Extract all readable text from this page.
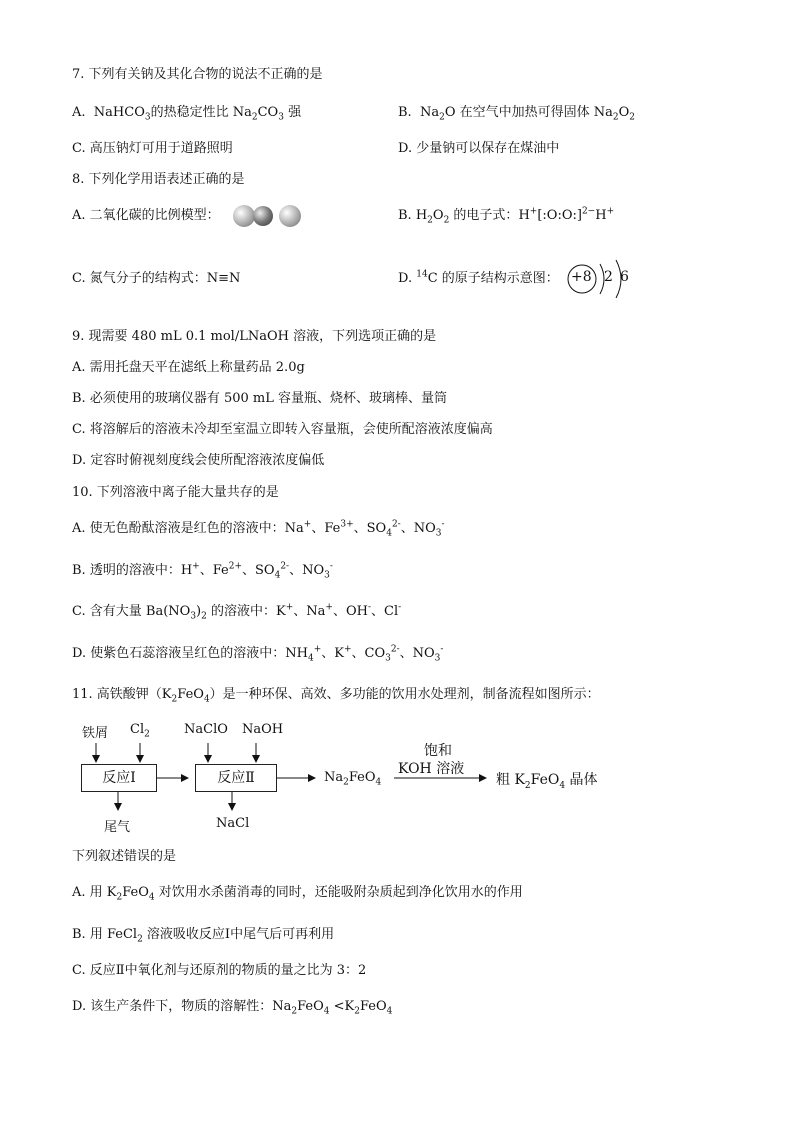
7. 下列有关钠及其化合物的说法不正确的是
A. NaHCO$_3$的热稳定性比 $Na_2CO_3$ 强	B. $Na_2O$ 在空气中加热可得固体 $Na_2O_2$
C. 高压钠灯可用于道路照明	D. 少量钠可以保存在煤油中
8. 下列化学用语表述正确的是
A. 二氧化碳的比例模型：	B. $H_2O_2$ 的电子式：H+[:O:O:]$^{2-}$H+
C. 氮气分子的结构式：N≡N	D. $^{14}$C 的原子结构示意图： +8 2 6
9. 现需要 480 mL 0.1 mol/LNaOH 溶液，下列选项正确的是
A. 需用托盘天平在滤纸上称量药品 2.0g
B. 必须使用的玻璃仪器有 500 mL 容量瓶、烧杯、玻璃棒、量筒
C. 将溶解后的溶液未冷却至室温立即转入容量瓶，会使所配溶液浓度偏高
D. 定容时俯视刻度线会使所配溶液浓度偏低
10. 下列溶液中离子能大量共存的是
A. 使无色酚酞溶液是红色的溶液中：Na+、$Fe^{3+}$、$SO_4^{2-}$、$NO_3^-$
B. 透明的溶液中：H+、$Fe^{2+}$、$SO_4^{2-}$、$NO_3^-$
C. 含有大量 $Ba(NO_3)_2$ 的溶液中：K+、Na+、OH-、Cl-
D. 使紫色石蕊溶液呈红色的溶液中：$NH_4^+$、K+、$CO_3^{2-}$、$NO_3^-$
11. 高铁酸钾$(K_2FeO_4)$是一种环保、高效、多功能的饮用水处理剂，制备流程如图所示：
铁屑 $Cl_2$	NaClO NaOH
反应Ⅰ	反应Ⅱ	$Na_2FeO_4$
饱和
KOH 溶液
粗 $K_2FeO_4$ 晶体
尾气	NaCl
下列叙述错误的是
A. 用 $K_2FeO_4$ 对饮用水杀菌消毒的同时，还能吸附杂质起到净化饮用水的作用
B. 用 FeCl$_2$ 溶液吸收反应Ⅰ中尾气后可再利用
C. 反应Ⅱ中氧化剂与还原剂的物质的量之比为 3：2
D. 该生产条件下，物质的溶解性：$Na_2FeO_4 <K_2FeO_4$
